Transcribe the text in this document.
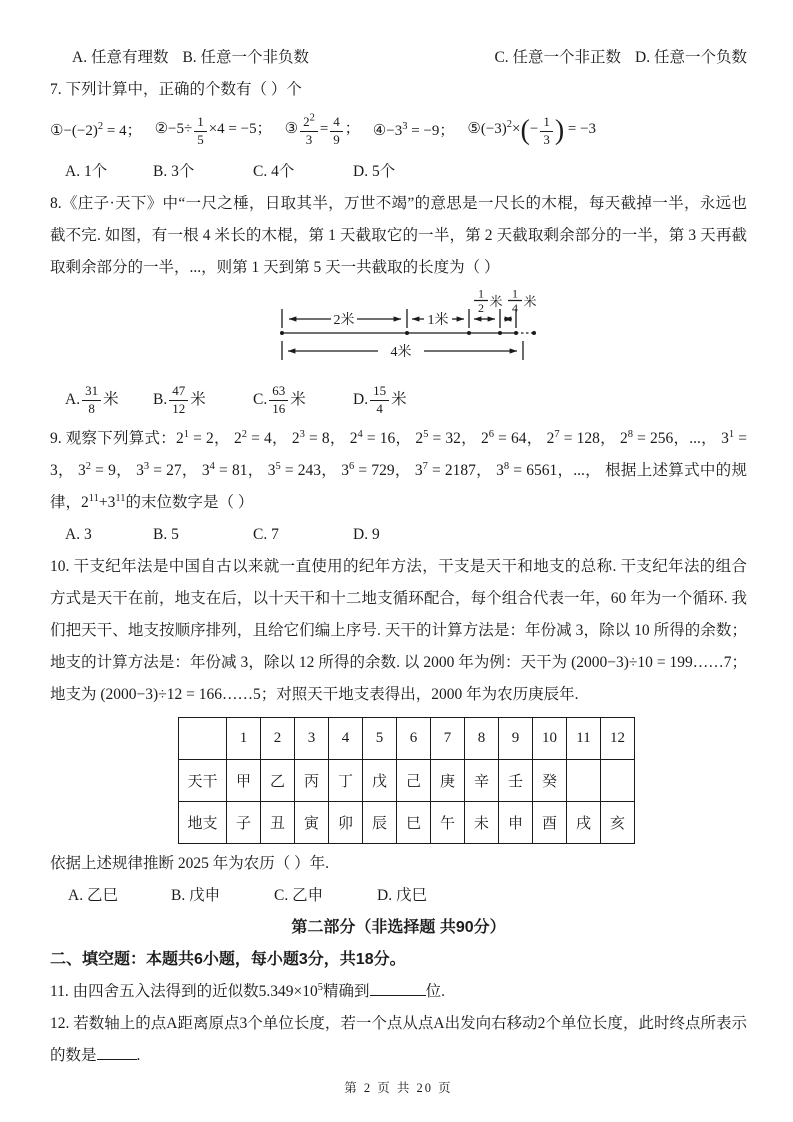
A. 任意有理数 B. 任意一个非负数	C. 任意一个非正数 D. 任意一个负数

7. 下列计算中，正确的个数有（ ）个

$①-(-2)^2 = 4$； ②−5÷ $\frac{1}{5} \times 4 = -5$； ③ $\frac{2^2}{3} = \frac{4}{9}$ ； $④-3^3 = -9$； $⑤(-3)^2\times(- \frac{1}{3}$ ) = −3

A. 1个	B. 3个	C. 4个	D. 5个

8.《庄子·天下》中“一尺之棰，日取其半，万世不竭”的意思是一尺长的木棍，每天截掉一半，永远也截不完. 如图，有一根 4 米长的木棍，第 1 天截取它的一半，第 2 天截取剩余部分的一半，第 3 天再截取剩余部分的一半，...，则第 1 天到第 5 天一共截取的长度为（ ）

2米	1米
4米
1
2 米
1
4 米

A.
31
8 米 B.
47
12 米	C.
63
16 米	D.
15
4 米

9. 观察下列算式：$2^1 = 2$， $2^2 = 4$， $2^3 = 8$， $2^4 = 16$， $2^5 = 32$， $2^6 = 64$， $2^7 = 128$， $2^8 = 256$，...， $3^1 = 3$， $3^2 = 9$， $3^3 = 27$， $3^4 = 81$， $3^5 = 243$， $3^6 = 729$， $3^7 = 2187$， $3^8 = 6561$，...， 根据上述算式中的规律，$2^{11}+3^{11}$的末位数字是（ ）

A. 3	B. 5	C. 7	D. 9

10. 干支纪年法是中国自古以来就一直使用的纪年方法，干支是天干和地支的总称. 干支纪年法的组合方式是天干在前，地支在后，以十天干和十二地支循环配合，每个组合代表一年，60 年为一个循环. 我们把天干、地支按顺序排列，且给它们编上序号. 天干的计算方法是：年份减 3，除以 10 所得的余数；地支的计算方法是：年份减 3，除以 12 所得的余数. 以 2000 年为例：天干为 (2000−3)÷10 = 199……7；地支为 (2000−3)÷12 = 166……5；对照天干地支表得出，2000 年为农历庚辰年.

	1	2	3	4	5	6	7	8	9	10	11	12
天干	甲	乙	丙	丁	戊	己	庚	辛	壬	癸		
地支	子	丑	寅	卯	辰	巳	午	未	申	酉	戌	亥

依据上述规律推断 2025 年为农历（ ）年.

A. 乙巳	B. 戊申	C. 乙申	D. 戊巳

第二部分（非选择题 共90分）

二、填空题：本题共6小题，每小题3分，共18分。

11. 由四舍五入法得到的近似数$5.349\times 10^5$精确到	位.

12. 若数轴上的点A距离原点3个单位长度，若一个点从点A出发向右移动2个单位长度，此时终点所表示的数是	.

第 2 页 共 20 页
